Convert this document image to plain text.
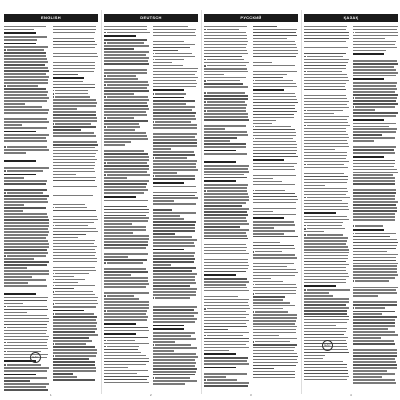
ENGLISH	DEUTSCH	РУССКИЙ	ҚАЗАҚ
EAC
EAC
1	2	3	4
